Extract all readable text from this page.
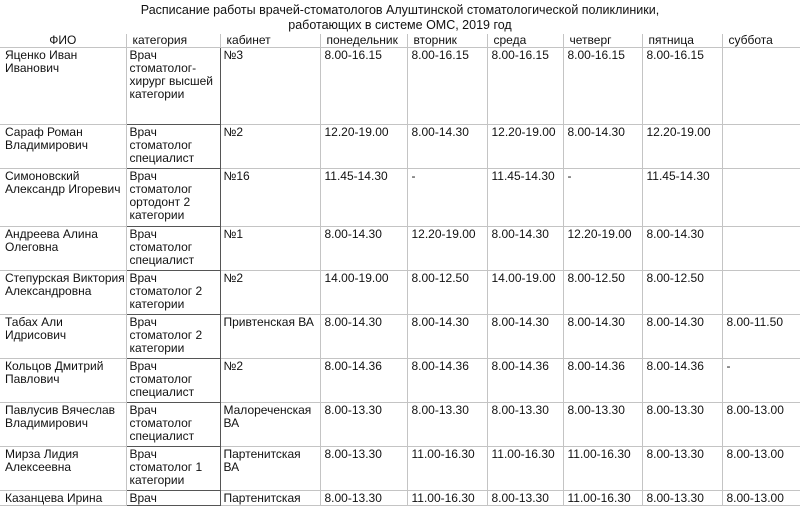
Расписание работы врачей-стоматологов Алуштинской стоматологической поликлиники,
работающих в системе ОМС, 2019 год
ФИО	категория	кабинет	понедельник	вторник	среда	четверг	пятница	суббота
Яценко Иван Иванович	Врач стоматолог-хирург высшей категории	№3	8.00-16.15	8.00-16.15	8.00-16.15	8.00-16.15	8.00-16.15	
Сараф Роман Владимирович	Врач стоматолог специалист	№2	12.20-19.00	8.00-14.30	12.20-19.00	8.00-14.30	12.20-19.00	
Симоновский Александр Игоревич	Врач стоматолог ортодонт 2 категории	№16	11.45-14.30	-	11.45-14.30	-	11.45-14.30	
Андреева Алина Олеговна	Врач стоматолог специалист	№1	8.00-14.30	12.20-19.00	8.00-14.30	12.20-19.00	8.00-14.30	
Степурская Виктория Александровна	Врач стоматолог 2 категории	№2	14.00-19.00	8.00-12.50	14.00-19.00	8.00-12.50	8.00-12.50	
Табах Али Идрисович	Врач стоматолог 2 категории	Привтенская ВА	8.00-14.30	8.00-14.30	8.00-14.30	8.00-14.30	8.00-14.30	8.00-11.50
Кольцов Дмитрий Павлович	Врач стоматолог специалист	№2	8.00-14.36	8.00-14.36	8.00-14.36	8.00-14.36	8.00-14.36	-
Павлусив Вячеслав Владимирович	Врач стоматолог специалист	Малореченская ВА	8.00-13.30	8.00-13.30	8.00-13.30	8.00-13.30	8.00-13.30	8.00-13.00
Мирза Лидия Алексеевна	Врач стоматолог 1 категории	Партенитская ВА	8.00-13.30	11.00-16.30	11.00-16.30	11.00-16.30	8.00-13.30	8.00-13.00
Казанцева Ирина	Врач	Партенитская	8.00-13.30	11.00-16.30	8.00-13.30	11.00-16.30	8.00-13.30	8.00-13.00
